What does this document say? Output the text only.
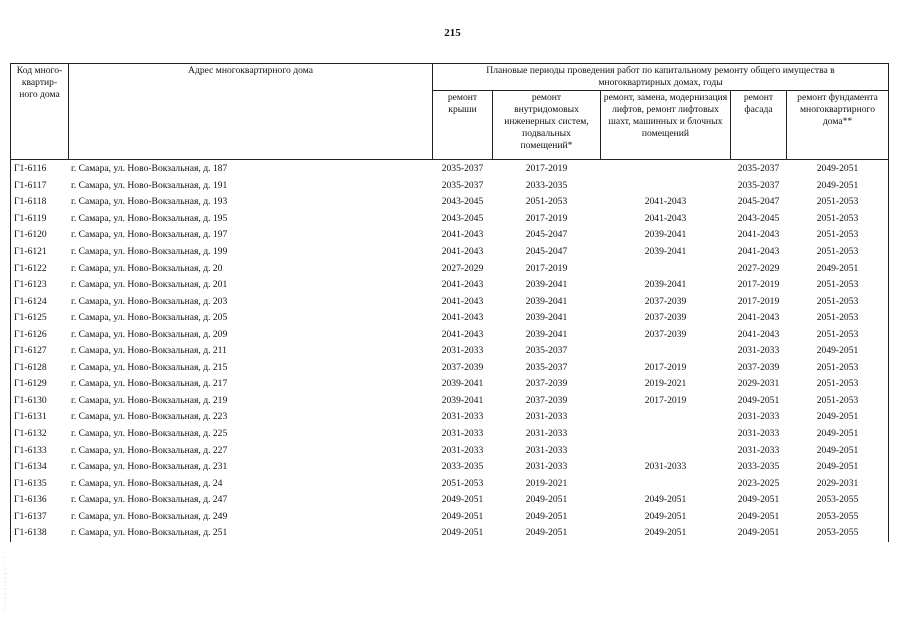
215
Код много-квартир-ного дома	Адрес многоквартирного дома	Плановые периоды проведения работ по капитальному ремонту общего имущества в многоквартирных домах, годы				
		ремонт крыши	ремонт внутридомовых инженерных систем, подвальных помещений*	ремонт, замена, модернизация лифтов, ремонт лифтовых шахт, машинных и блочных помещений	ремонт фасада	ремонт фундамента многоквартирного дома**
Г1-6116	г. Самара, ул. Ново-Вокзальная, д. 187	2035-2037	2017-2019		2035-2037	2049-2051
Г1-6117	г. Самара, ул. Ново-Вокзальная, д. 191	2035-2037	2033-2035		2035-2037	2049-2051
Г1-6118	г. Самара, ул. Ново-Вокзальная, д. 193	2043-2045	2051-2053	2041-2043	2045-2047	2051-2053
Г1-6119	г. Самара, ул. Ново-Вокзальная, д. 195	2043-2045	2017-2019	2041-2043	2043-2045	2051-2053
Г1-6120	г. Самара, ул. Ново-Вокзальная, д. 197	2041-2043	2045-2047	2039-2041	2041-2043	2051-2053
Г1-6121	г. Самара, ул. Ново-Вокзальная, д. 199	2041-2043	2045-2047	2039-2041	2041-2043	2051-2053
Г1-6122	г. Самара, ул. Ново-Вокзальная, д. 20	2027-2029	2017-2019		2027-2029	2049-2051
Г1-6123	г. Самара, ул. Ново-Вокзальная, д. 201	2041-2043	2039-2041	2039-2041	2017-2019	2051-2053
Г1-6124	г. Самара, ул. Ново-Вокзальная, д. 203	2041-2043	2039-2041	2037-2039	2017-2019	2051-2053
Г1-6125	г. Самара, ул. Ново-Вокзальная, д. 205	2041-2043	2039-2041	2037-2039	2041-2043	2051-2053
Г1-6126	г. Самара, ул. Ново-Вокзальная, д. 209	2041-2043	2039-2041	2037-2039	2041-2043	2051-2053
Г1-6127	г. Самара, ул. Ново-Вокзальная, д. 211	2031-2033	2035-2037		2031-2033	2049-2051
Г1-6128	г. Самара, ул. Ново-Вокзальная, д. 215	2037-2039	2035-2037	2017-2019	2037-2039	2051-2053
Г1-6129	г. Самара, ул. Ново-Вокзальная, д. 217	2039-2041	2037-2039	2019-2021	2029-2031	2051-2053
Г1-6130	г. Самара, ул. Ново-Вокзальная, д. 219	2039-2041	2037-2039	2017-2019	2049-2051	2051-2053
Г1-6131	г. Самара, ул. Ново-Вокзальная, д. 223	2031-2033	2031-2033		2031-2033	2049-2051
Г1-6132	г. Самара, ул. Ново-Вокзальная, д. 225	2031-2033	2031-2033		2031-2033	2049-2051
Г1-6133	г. Самара, ул. Ново-Вокзальная, д. 227	2031-2033	2031-2033		2031-2033	2049-2051
Г1-6134	г. Самара, ул. Ново-Вокзальная, д. 231	2033-2035	2031-2033	2031-2033	2033-2035	2049-2051
Г1-6135	г. Самара, ул. Ново-Вокзальная, д. 24	2051-2053	2019-2021		2023-2025	2029-2031
Г1-6136	г. Самара, ул. Ново-Вокзальная, д. 247	2049-2051	2049-2051	2049-2051	2049-2051	2053-2055
Г1-6137	г. Самара, ул. Ново-Вокзальная, д. 249	2049-2051	2049-2051	2049-2051	2049-2051	2053-2055
Г1-6138	г. Самара, ул. Ново-Вокзальная, д. 251	2049-2051	2049-2051	2049-2051	2049-2051	2053-2055
